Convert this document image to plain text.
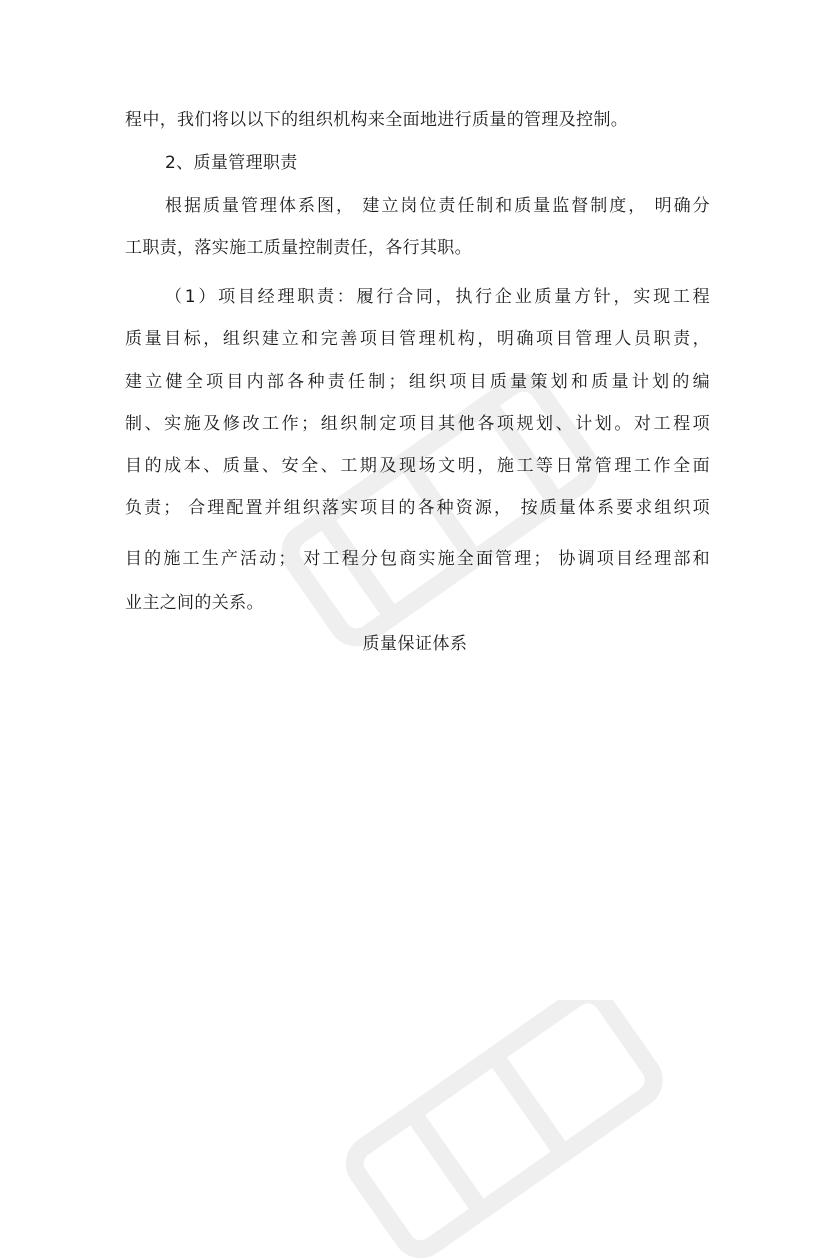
程中，我们将以以下的组织机构来全面地进行质量的管理及控制。
2、质量管理职责
根据质量管理体系图， 建立岗位责任制和质量监督制度， 明确分
工职责，落实施工质量控制责任，各行其职。
（1）项目经理职责：履行合同，执行企业质量方针，实现工程
质量目标，组织建立和完善项目管理机构，明确项目管理人员职责，
建立健全项目内部各种责任制；组织项目质量策划和质量计划的编
制、实施及修改工作；组织制定项目其他各项规划、计划。对工程项
目的成本、质量、安全、工期及现场文明，施工等日常管理工作全面
负责； 合理配置并组织落实项目的各种资源， 按质量体系要求组织项
目的施工生产活动； 对工程分包商实施全面管理； 协调项目经理部和
业主之间的关系。
质量保证体系
